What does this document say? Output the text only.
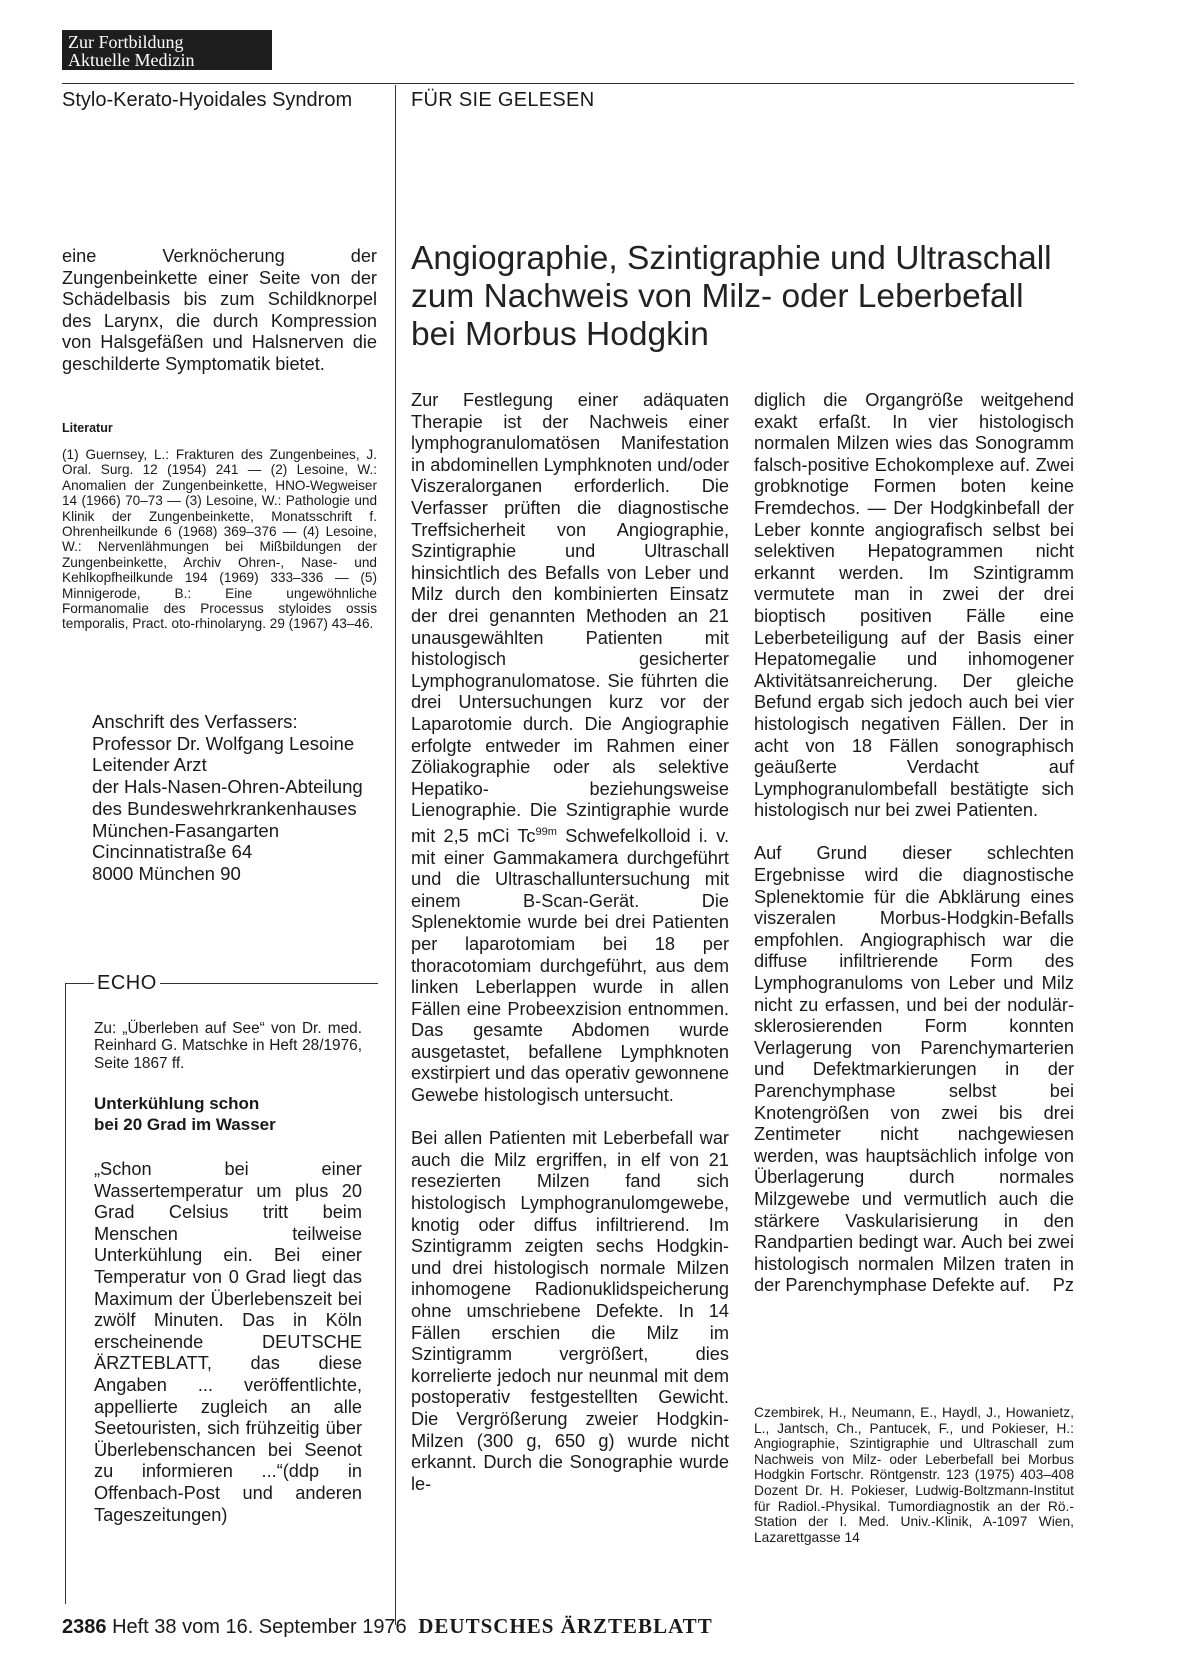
Zur Fortbildung
Aktuelle Medizin
Stylo-Kerato-Hyoidales Syndrom	FÜR SIE GELESEN
eine Verknöcherung der Zungenbeinkette einer Seite von der Schädelbasis bis zum Schildknorpel des Larynx, die durch Kompression von Halsgefäßen und Halsnerven die geschilderte Symptomatik bietet.
Literatur
(1) Guernsey, L.: Frakturen des Zungenbeines, J. Oral. Surg. 12 (1954) 241 — (2) Lesoine, W.: Anomalien der Zungenbeinkette, HNO-Wegweiser 14 (1966) 70–73 — (3) Lesoine, W.: Pathologie und Klinik der Zungenbeinkette, Monatsschrift f. Ohrenheilkunde 6 (1968) 369–376 — (4) Lesoine, W.: Nervenlähmungen bei Mißbildungen der Zungenbeinkette, Archiv Ohren-, Nase- und Kehlkopfheilkunde 194 (1969) 333–336 — (5) Minnigerode, B.: Eine ungewöhnliche Formanomalie des Processus styloides ossis temporalis, Pract. oto-rhinolaryng. 29 (1967) 43–46.
Anschrift des Verfassers:
Professor Dr. Wolfgang Lesoine
Leitender Arzt
der Hals-Nasen-Ohren-Abteilung
des Bundeswehrkrankenhauses
München-Fasangarten
Cincinnatistraße 64
8000 München 90
ECHO
Zu: „Überleben auf See“ von Dr. med. Reinhard G. Matschke in Heft 28/1976, Seite 1867 ff.
Unterkühlung schon
bei 20 Grad im Wasser
„Schon bei einer Wassertemperatur um plus 20 Grad Celsius tritt beim Menschen teilweise Unterkühlung ein. Bei einer Temperatur von 0 Grad liegt das Maximum der Überlebenszeit bei zwölf Minuten. Das in Köln erscheinende DEUTSCHE ÄRZTEBLATT, das diese Angaben ... veröffentlichte, appellierte zugleich an alle Seetouristen, sich frühzeitig über Überlebenschancen bei Seenot zu informieren ...“(ddp in Offenbach-Post und anderen Tageszeitungen)
Angiographie, Szintigraphie und Ultraschall
zum Nachweis von Milz- oder Leberbefall
bei Morbus Hodgkin

Zur Festlegung einer adäquaten Therapie ist der Nachweis einer lymphogranulomatösen Manifestation in abdominellen Lymphknoten und/oder Viszeralorganen erforderlich. Die Verfasser prüften die diagnostische Treffsicherheit von Angiographie, Szintigraphie und Ultraschall hinsichtlich des Befalls von Leber und Milz durch den kombinierten Einsatz der drei genannten Methoden an 21 unausgewählten Patienten mit histologisch gesicherter Lymphogranulomatose. Sie führten die drei Untersuchungen kurz vor der Laparotomie durch. Die Angiographie erfolgte entweder im Rahmen einer Zöliakographie oder als selektive Hepatiko- beziehungsweise Lienographie. Die Szintigraphie wurde mit 2,5 mCi $Tc^{99m}$ Schwefelkolloid i. v. mit einer Gammakamera durchgeführt und die Ultraschalluntersuchung mit einem B-Scan-Gerät. Die Splenektomie wurde bei drei Patienten per laparotomiam bei 18 per thoracotomiam durchgeführt, aus dem linken Leberlappen wurde in allen Fällen eine Probeexzision entnommen. Das gesamte Abdomen wurde ausgetastet, befallene Lymphknoten exstirpiert und das operativ gewonnene Gewebe histologisch untersucht.

Bei allen Patienten mit Leberbefall war auch die Milz ergriffen, in elf von 21 resezierten Milzen fand sich histologisch Lymphogranulomgewebe, knotig oder diffus infiltrierend. Im Szintigramm zeigten sechs Hodgkin- und drei histologisch normale Milzen inhomogene Radionuklidspeicherung ohne umschriebene Defekte. In 14 Fällen erschien die Milz im Szintigramm vergrößert, dies korrelierte jedoch nur neunmal mit dem postoperativ festgestellten Gewicht. Die Vergrößerung zweier Hodgkin-Milzen (300 g, 650 g) wurde nicht erkannt. Durch die Sonographie wurde le-

diglich die Organgröße weitgehend exakt erfaßt. In vier histologisch normalen Milzen wies das Sonogramm falsch-positive Echokomplexe auf. Zwei grobknotige Formen boten keine Fremdechos. — Der Hodgkinbefall der Leber konnte angiografisch selbst bei selektiven Hepatogrammen nicht erkannt werden. Im Szintigramm vermutete man in zwei der drei bioptisch positiven Fälle eine Leberbeteiligung auf der Basis einer Hepatomegalie und inhomogener Aktivitätsanreicherung. Der gleiche Befund ergab sich jedoch auch bei vier histologisch negativen Fällen. Der in acht von 18 Fällen sonographisch geäußerte Verdacht auf Lymphogranulombefall bestätigte sich histologisch nur bei zwei Patienten.

Auf Grund dieser schlechten Ergebnisse wird die diagnostische Splenektomie für die Abklärung eines viszeralen Morbus-Hodgkin-Befalls empfohlen. Angiographisch war die diffuse infiltrierende Form des Lymphogranuloms von Leber und Milz nicht zu erfassen, und bei der nodulär-sklerosierenden Form konnten Verlagerung von Parenchymarterien und Defektmarkierungen in der Parenchymphase selbst bei Knotengrößen von zwei bis drei Zentimeter nicht nachgewiesen werden, was hauptsächlich infolge von Überlagerung durch normales Milzgewebe und vermutlich auch die stärkere Vaskularisierung in den Randpartien bedingt war. Auch bei zwei histologisch normalen Milzen traten in der Parenchymphase Defekte auf. Pz

Czembirek, H., Neumann, E., Haydl, J., Howanietz, L., Jantsch, Ch., Pantucek, F., und Pokieser, H.: Angiographie, Szintigraphie und Ultraschall zum Nachweis von Milz- oder Leberbefall bei Morbus Hodgkin Fortschr. Röntgenstr. 123 (1975) 403–408 Dozent Dr. H. Pokieser, Ludwig-Boltzmann-Institut für Radiol.-Physikal. Tumordiagnostik an der Rö.-Station der I. Med. Univ.-Klinik, A-1097 Wien, Lazarettgasse 14
2386 Heft 38 vom 16. September 1976 DEUTSCHES ÄRZTEBLATT
